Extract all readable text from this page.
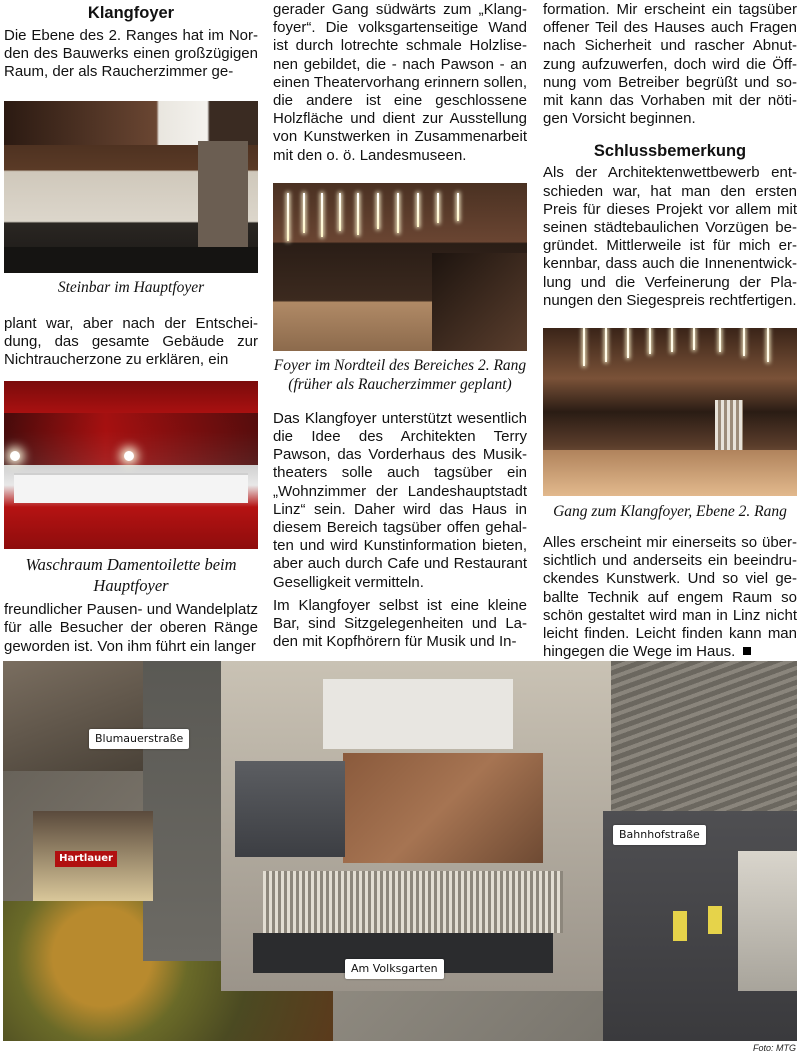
Klangfoyer

Die Ebene des 2. Ranges hat im Nor-den des Bauwerks einen großzügigen Raum, der als Raucherzimmer ge-

Steinbar im Hauptfoyer

plant war, aber nach der Entschei-dung, das gesamte Gebäude zur Nichtraucherzone zu erklären, ein

Waschraum Damentoilette beim Hauptfoyer

freundlicher Pausen- und Wandelplatz für alle Besucher der oberen Ränge geworden ist. Von ihm führt ein langer

gerader Gang südwärts zum „Klang-foyer“. Die volksgartenseitige Wand ist durch lotrechte schmale Holzlise-nen gebildet, die - nach Pawson - an einen Theatervorhang erinnern sollen, die andere ist eine geschlossene Holzfläche und dient zur Ausstellung von Kunstwerken in Zusammenarbeit mit den o. ö. Landesmuseen.

Foyer im Nordteil des Bereiches 2. Rang (früher als Raucherzimmer geplant)

Das Klangfoyer unterstützt wesentlich die Idee des Architekten Terry Pawson, das Vorderhaus des Musik-theaters solle auch tagsüber ein „Wohnzimmer der Landeshauptstadt Linz“ sein. Daher wird das Haus in diesem Bereich tagsüber offen gehal-ten und wird Kunstinformation bieten, aber auch durch Cafe und Restaurant Geselligkeit vermitteln.

Im Klangfoyer selbst ist eine kleine Bar, sind Sitzgelegenheiten und La-den mit Kopfhörern für Musik und In-

formation. Mir erscheint ein tagsüber offener Teil des Hauses auch Fragen nach Sicherheit und rascher Abnut-zung aufzuwerfen, doch wird die Öff-nung vom Betreiber begrüßt und so-mit kann das Vorhaben mit der nöti-gen Vorsicht beginnen.

Schlussbemerkung

Als der Architektenwettbewerb ent-schieden war, hat man den ersten Preis für dieses Projekt vor allem mit seinen städtebaulichen Vorzügen be-gründet. Mittlerweile ist für mich er-kennbar, dass auch die Innenentwick-lung und die Verfeinerung der Pla-nungen den Siegespreis rechtfertigen.

Gang zum Klangfoyer, Ebene 2. Rang

Alles erscheint mir einerseits so über-sichtlich und anderseits ein beeindru-ckendes Kunstwerk. Und so viel ge-ballte Technik auf engem Raum so schön gestaltet wird man in Linz nicht leicht finden. Leicht finden kann man hingegen die Wege im Haus.

Hartlauer
Blumauerstraße
Bahnhofstraße
Am Volksgarten
Foto: MTG
